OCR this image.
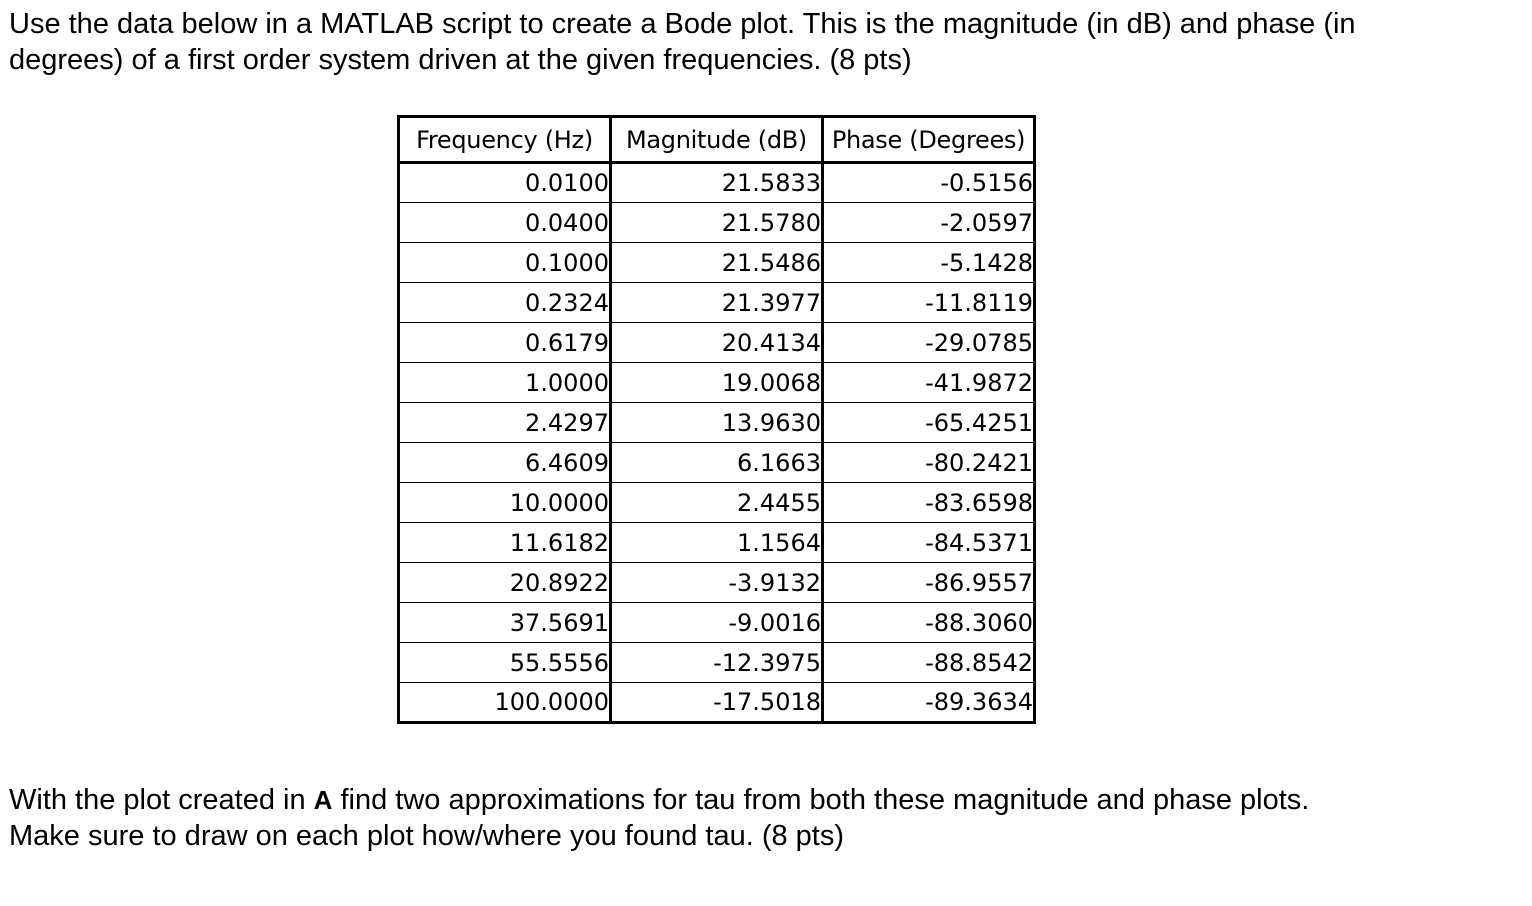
Use the data below in a MATLAB script to create a Bode plot. This is the magnitude (in dB) and phase (in
degrees) of a first order system driven at the given frequencies. (8 pts)

Frequency (Hz)	Magnitude (dB)	Phase (Degrees)
0.0100	21.5833	-0.5156
0.0400	21.5780	-2.0597
0.1000	21.5486	-5.1428
0.2324	21.3977	-11.8119
0.6179	20.4134	-29.0785
1.0000	19.0068	-41.9872
2.4297	13.9630	-65.4251
6.4609	6.1663	-80.2421
10.0000	2.4455	-83.6598
11.6182	1.1564	-84.5371
20.8922	-3.9132	-86.9557
37.5691	-9.0016	-88.3060
55.5556	-12.3975	-88.8542
100.0000	-17.5018	-89.3634

With the plot created in A find two approximations for tau from both these magnitude and phase plots.
Make sure to draw on each plot how/where you found tau. (8 pts)
